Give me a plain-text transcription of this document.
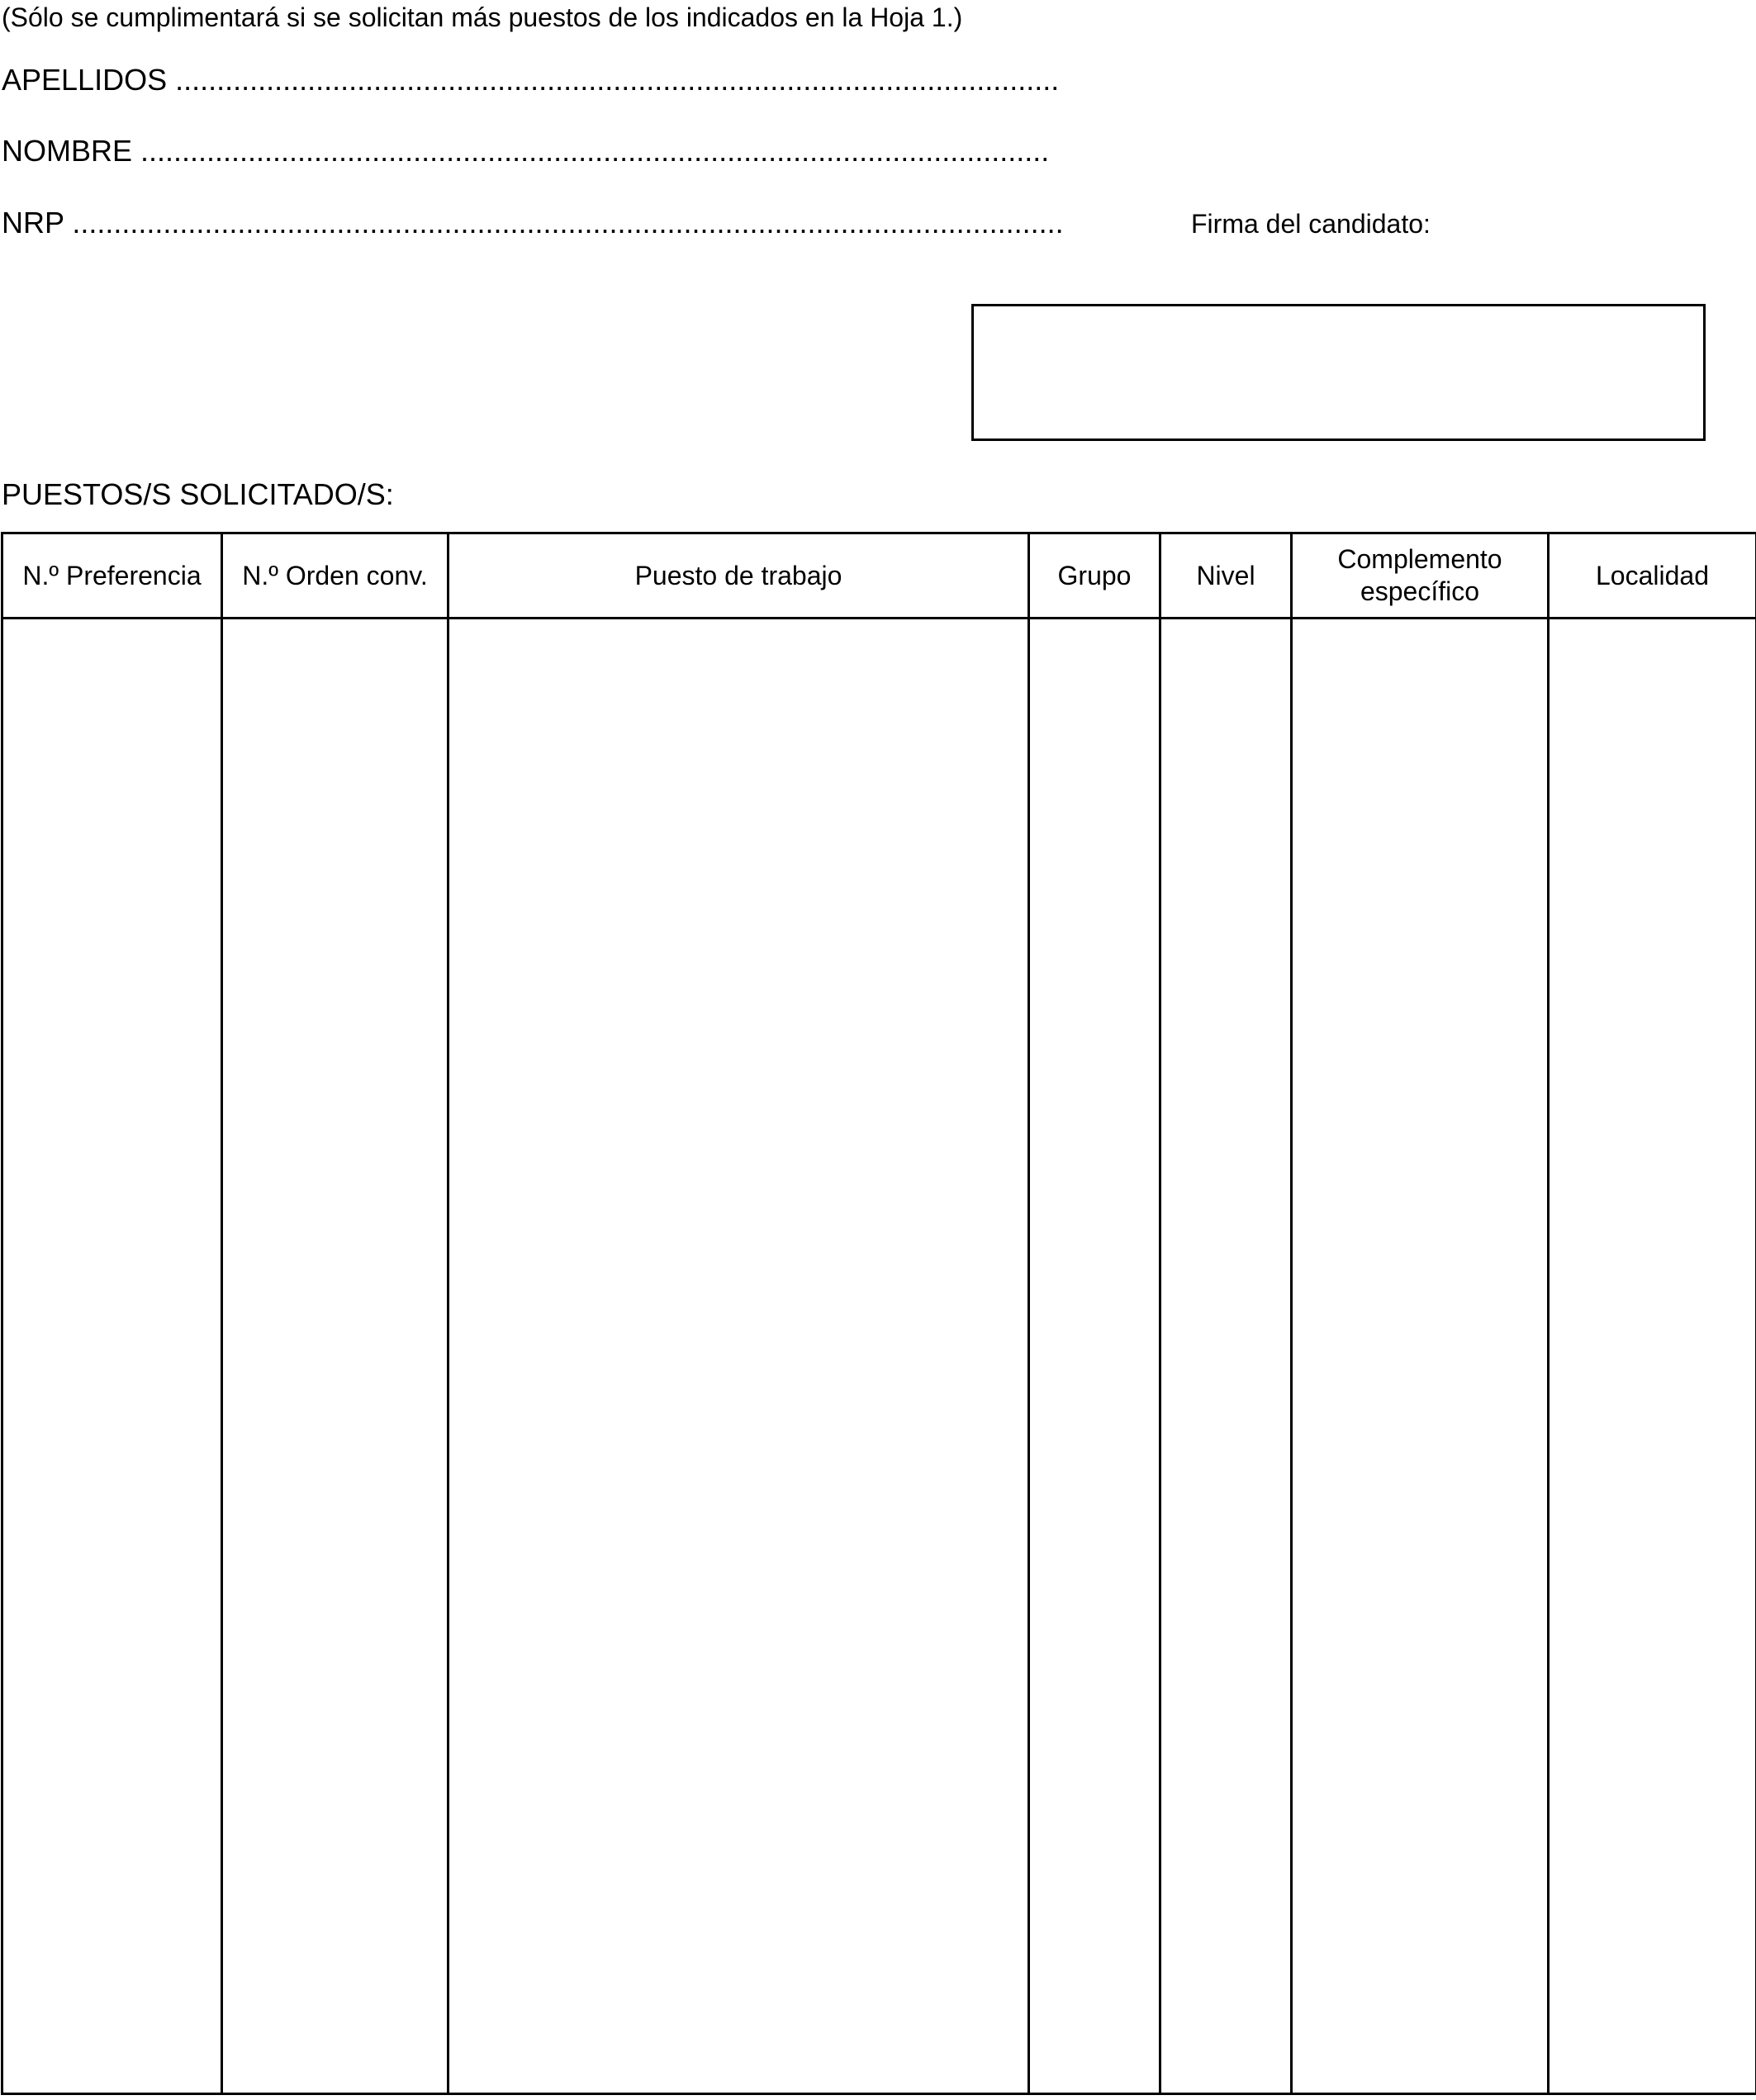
(Sólo se cumplimentará si se solicitan más puestos de los indicados en la Hoja 1.)
APELLIDOS ...........................................................................................................
NOMBRE ..............................................................................................................
NRP ........................................................................................................................	Firma del candidato:
PUESTOS/S SOLICITADO/S:
N.º Preferencia	N.º Orden conv.	Puesto de trabajo	Grupo	Nivel	Complemento
específico	Localidad
